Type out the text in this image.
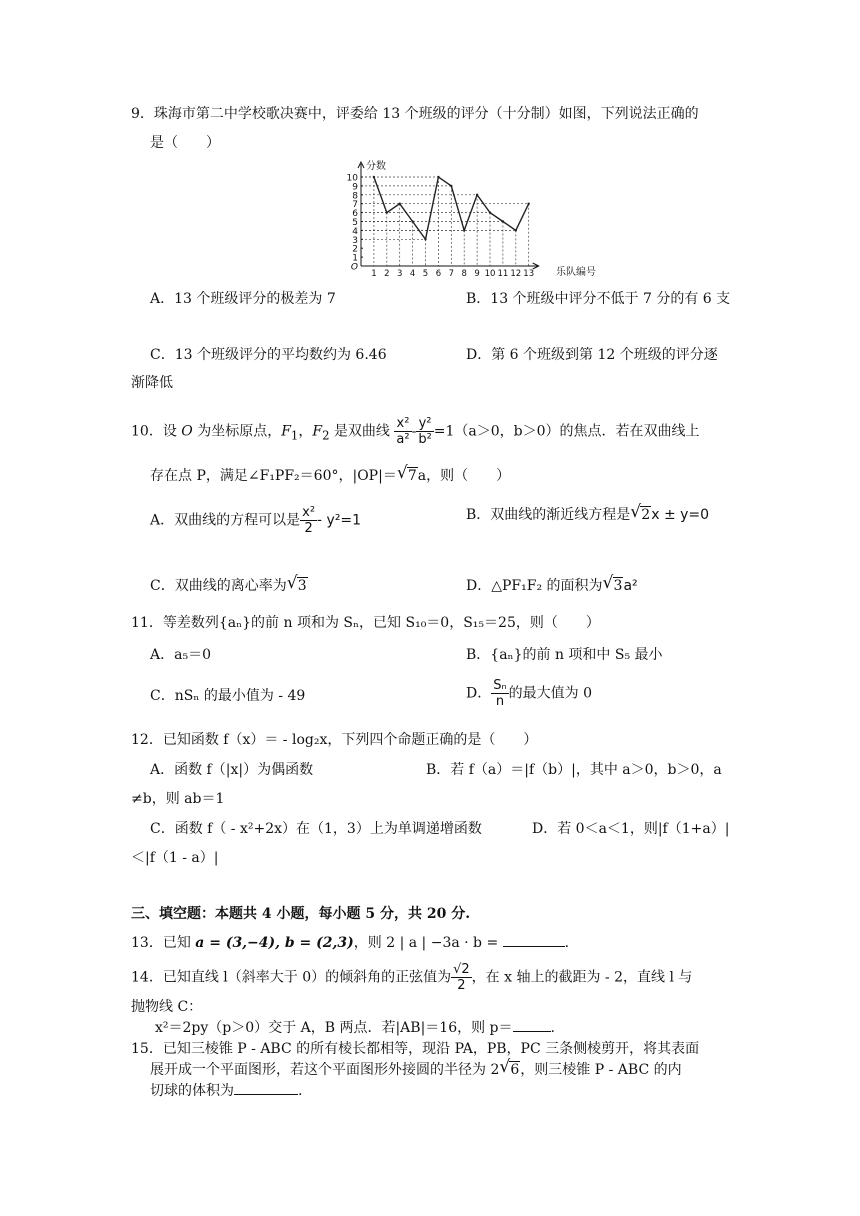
9．珠海市第二中学校歌决赛中，评委给 13 个班级的评分（十分制）如图，下列说法正确的
是（　　）
O
1
2
3
4
5
6
7
8
9
10
1 2 3 4 5 6 7 8 9 10 11 12 13
分数
乐队编号
A．13 个班级评分的极差为 7	B．13 个班级中评分不低于 7 分的有 6 支
C．13 个班级评分的平均数约为 6.46	D．第 6 个班级到第 12 个班级的评分逐
渐降低
10．设 O 为坐标原点，$F_1$，$F_2$ 是双曲线 $\frac{\text{x²}}{\text{a²}} - \frac{\text{y²}}{\text{b²}} =1(a>0$，b＞0）的焦点．若在双曲线上
存在点 P，满足∠F₁PF₂＝60°，|OP|＝ √ 7a，则（　　）
A．双曲线的方程可以是 $\frac{\text{x²}}{2} - y^2=1$	B．双曲线的渐近线方程是 √ 2x ± y=0
C．双曲线的离心率为 √ 3	D．△PF₁F₂ 的面积为 √ 3a²
11．等差数列{aₙ}的前 n 项和为 Sₙ，已知 S₁₀＝0，S₁₅＝25，则（　　）
A．a₅＝0	B．{aₙ}的前 n 项和中 S₅ 最小
C．nSₙ 的最小值为 - 49	D． $\frac{\text{Sₙ}}{n}$ 的最大值为 0
12．已知函数 f（x）＝ - log₂x，下列四个命题正确的是（　　）
A．函数 f（|x|）为偶函数	B．若 f（a）＝|f（b）|，其中 a＞0，b＞0，a
≠b，则 ab＝1
C．函数 f（ - x²+2x）在（1，3）上为单调递增函数	D．若 0＜a＜1，则|f（1+a）|
＜|f（1 - a）|
三、填空题：本题共 4 小题，每小题 5 分，共 20 分.
13．已知 a = (3,−4), b = (2,3)，则 2 | a | −3a · b =	.
14．已知直线 l（斜率大于 0）的倾斜角的正弦值为 $\frac{√2}{2}$ ，在 x 轴上的截距为 - 2，直线 l 与
抛物线 C：
x²＝2py（p＞0）交于 A，B 两点．若|AB|＝16，则 p＝	.
15．已知三棱锥 P - ABC 的所有棱长都相等，现沿 PA，PB，PC 三条侧棱剪开，将其表面
展开成一个平面图形，若这个平面图形外接圆的半径为 2 √ 6，则三棱锥 P - ABC 的内
切球的体积为	.
